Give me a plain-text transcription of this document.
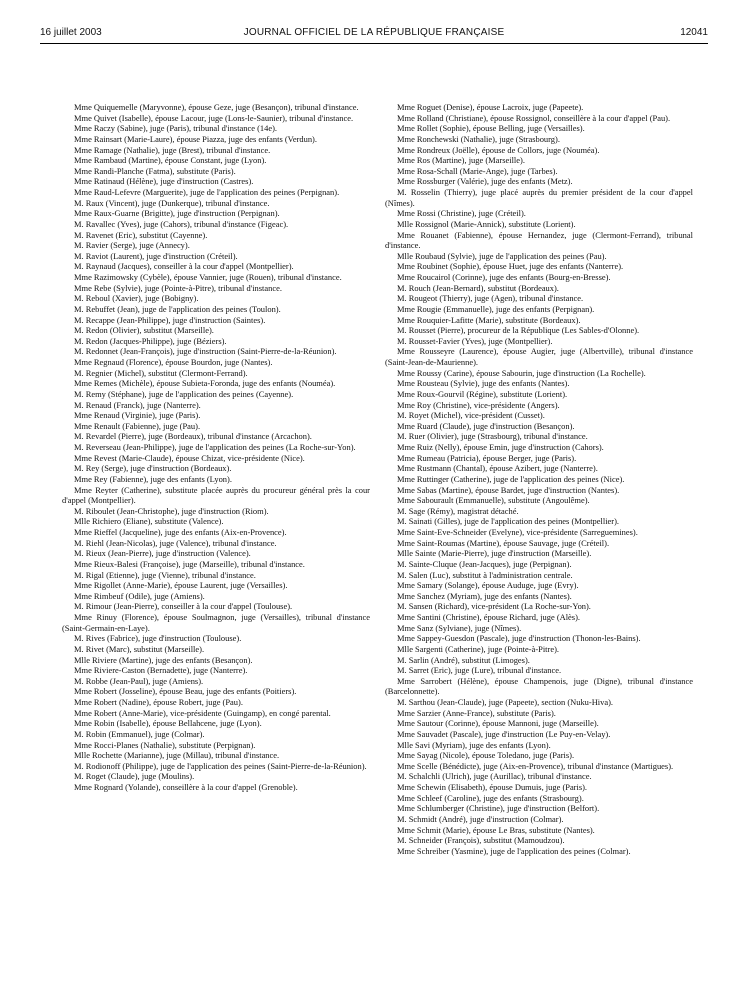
16 juillet 2003	JOURNAL OFFICIEL DE LA RÉPUBLIQUE FRANÇAISE	12041

Mme Quiquemelle (Maryvonne), épouse Geze, juge (Besançon), tribunal d'instance.

Mme Quivet (Isabelle), épouse Lacour, juge (Lons-le-Saunier), tribunal d'instance.

Mme Raczy (Sabine), juge (Paris), tribunal d'instance (14e).

Mme Rainsart (Marie-Laure), épouse Piazza, juge des enfants (Verdun).

Mme Ramage (Nathalie), juge (Brest), tribunal d'instance.

Mme Rambaud (Martine), épouse Constant, juge (Lyon).

Mme Randi-Planche (Fatma), substitute (Paris).

Mme Ratinaud (Hélène), juge d'instruction (Castres).

Mme Raud-Lefevre (Marguerite), juge de l'application des peines (Perpignan).

M. Raux (Vincent), juge (Dunkerque), tribunal d'instance.

Mme Raux-Guarne (Brigitte), juge d'instruction (Perpignan).

M. Ravallec (Yves), juge (Cahors), tribunal d'instance (Figeac).

M. Ravenet (Eric), substitut (Cayenne).

M. Ravier (Serge), juge (Annecy).

M. Raviot (Laurent), juge d'instruction (Créteil).

M. Raynaud (Jacques), conseiller à la cour d'appel (Montpellier).

Mme Razimowsky (Cybèle), épouse Vannier, juge (Rouen), tribunal d'instance.

Mme Rebe (Sylvie), juge (Pointe-à-Pitre), tribunal d'instance.

M. Reboul (Xavier), juge (Bobigny).

M. Rebuffet (Jean), juge de l'application des peines (Toulon).

M. Recappe (Jean-Philippe), juge d'instruction (Saintes).

M. Redon (Olivier), substitut (Marseille).

M. Redon (Jacques-Philippe), juge (Béziers).

M. Redonnet (Jean-François), juge d'instruction (Saint-Pierre-de-la-Réunion).

Mme Regnaud (Florence), épouse Bourdon, juge (Nantes).

M. Regnier (Michel), substitut (Clermont-Ferrand).

Mme Remes (Michèle), épouse Subieta-Foronda, juge des enfants (Nouméa).

M. Remy (Stéphane), juge de l'application des peines (Cayenne).

M. Renaud (Franck), juge (Nanterre).

Mme Renaud (Virginie), juge (Paris).

Mme Renault (Fabienne), juge (Pau).

M. Revardel (Pierre), juge (Bordeaux), tribunal d'instance (Arcachon).

M. Reverseau (Jean-Philippe), juge de l'application des peines (La Roche-sur-Yon).

Mme Revest (Marie-Claude), épouse Chizat, vice-présidente (Nice).

M. Rey (Serge), juge d'instruction (Bordeaux).

Mme Rey (Fabienne), juge des enfants (Lyon).

Mme Reyter (Catherine), substitute placée auprès du procureur général près la cour d'appel (Montpellier).

M. Riboulet (Jean-Christophe), juge d'instruction (Riom).

Mlle Richiero (Eliane), substitute (Valence).

Mme Rieffel (Jacqueline), juge des enfants (Aix-en-Provence).

M. Riehl (Jean-Nicolas), juge (Valence), tribunal d'instance.

M. Rieux (Jean-Pierre), juge d'instruction (Valence).

Mme Rieux-Balesi (Françoise), juge (Marseille), tribunal d'instance.

M. Rigal (Etienne), juge (Vienne), tribunal d'instance.

Mme Rigollet (Anne-Marie), épouse Laurent, juge (Versailles).

Mme Rimbeuf (Odile), juge (Amiens).

M. Rimour (Jean-Pierre), conseiller à la cour d'appel (Toulouse).

Mme Rinuy (Florence), épouse Soulmagnon, juge (Versailles), tribunal d'instance (Saint-Germain-en-Laye).

M. Rives (Fabrice), juge d'instruction (Toulouse).

M. Rivet (Marc), substitut (Marseille).

Mlle Riviere (Martine), juge des enfants (Besançon).

Mme Riviere-Caston (Bernadette), juge (Nanterre).

M. Robbe (Jean-Paul), juge (Amiens).

Mme Robert (Josseline), épouse Beau, juge des enfants (Poitiers).

Mme Robert (Nadine), épouse Robert, juge (Pau).

Mme Robert (Anne-Marie), vice-présidente (Guingamp), en congé parental.

Mme Robin (Isabelle), épouse Bellahcene, juge (Lyon).

M. Robin (Emmanuel), juge (Colmar).

Mme Rocci-Planes (Nathalie), substitute (Perpignan).

Mlle Rochette (Marianne), juge (Millau), tribunal d'instance.

M. Rodionoff (Philippe), juge de l'application des peines (Saint-Pierre-de-la-Réunion).

M. Roget (Claude), juge (Moulins).

Mme Rognard (Yolande), conseillère à la cour d'appel (Grenoble).

Mme Roguet (Denise), épouse Lacroix, juge (Papeete).

Mme Rolland (Christiane), épouse Rossignol, conseillère à la cour d'appel (Pau).

Mme Rollet (Sophie), épouse Belling, juge (Versailles).

Mme Ronchewski (Nathalie), juge (Strasbourg).

Mme Rondreux (Joëlle), épouse de Collors, juge (Nouméa).

Mme Ros (Martine), juge (Marseille).

Mme Rosa-Schall (Marie-Ange), juge (Tarbes).

Mme Rossburger (Valérie), juge des enfants (Metz).

M. Rosselin (Thierry), juge placé auprès du premier président de la cour d'appel (Nîmes).

Mme Rossi (Christine), juge (Créteil).

Mlle Rossignol (Marie-Annick), substitute (Lorient).

Mme Rouanet (Fabienne), épouse Hernandez, juge (Clermont-Ferrand), tribunal d'instance.

Mlle Roubaud (Sylvie), juge de l'application des peines (Pau).

Mme Roubinet (Sophie), épouse Huet, juge des enfants (Nanterre).

Mme Roucairol (Corinne), juge des enfants (Bourg-en-Bresse).

M. Rouch (Jean-Bernard), substitut (Bordeaux).

M. Rougeot (Thierry), juge (Agen), tribunal d'instance.

Mme Rougie (Emmanuelle), juge des enfants (Perpignan).

Mme Rouquier-Lafitte (Marie), substitute (Bordeaux).

M. Rousset (Pierre), procureur de la République (Les Sables-d'Olonne).

M. Rousset-Favier (Yves), juge (Montpellier).

Mme Rousseyre (Laurence), épouse Augier, juge (Albertville), tribunal d'instance (Saint-Jean-de-Maurienne).

Mme Roussy (Carine), épouse Sabourin, juge d'instruction (La Rochelle).

Mme Rousteau (Sylvie), juge des enfants (Nantes).

Mme Roux-Gourvil (Régine), substitute (Lorient).

Mme Roy (Christine), vice-présidente (Angers).

M. Royet (Michel), vice-président (Cusset).

Mme Ruard (Claude), juge d'instruction (Besançon).

M. Ruer (Olivier), juge (Strasbourg), tribunal d'instance.

Mme Ruiz (Nelly), épouse Emin, juge d'instruction (Cahors).

Mme Rumeau (Patricia), épouse Berger, juge (Paris).

Mme Rustmann (Chantal), épouse Azibert, juge (Nanterre).

Mme Ruttinger (Catherine), juge de l'application des peines (Nice).

Mme Sabas (Martine), épouse Bardet, juge d'instruction (Nantes).

Mme Sabourault (Emmanuelle), substitute (Angoulême).

M. Sage (Rémy), magistrat détaché.

M. Sainati (Gilles), juge de l'application des peines (Montpellier).

Mme Saint-Eve-Schneider (Evelyne), vice-présidente (Sarreguemines).

Mme Saint-Roumas (Martine), épouse Sauvage, juge (Créteil).

Mlle Sainte (Marie-Pierre), juge d'instruction (Marseille).

M. Sainte-Cluque (Jean-Jacques), juge (Perpignan).

M. Salen (Luc), substitut à l'administration centrale.

Mme Samary (Solange), épouse Auduge, juge (Evry).

Mme Sanchez (Myriam), juge des enfants (Nantes).

M. Sansen (Richard), vice-président (La Roche-sur-Yon).

Mme Santini (Christine), épouse Richard, juge (Alès).

Mme Sanz (Sylviane), juge (Nîmes).

Mme Sappey-Guesdon (Pascale), juge d'instruction (Thonon-les-Bains).

Mlle Sargenti (Catherine), juge (Pointe-à-Pitre).

M. Sarlin (André), substitut (Limoges).

M. Sarret (Eric), juge (Lure), tribunal d'instance.

Mme Sarrobert (Hélène), épouse Champenois, juge (Digne), tribunal d'instance (Barcelonnette).

M. Sarthou (Jean-Claude), juge (Papeete), section (Nuku-Hiva).

Mme Sarzier (Anne-France), substitute (Paris).

Mme Sautour (Corinne), épouse Mannoni, juge (Marseille).

Mme Sauvadet (Pascale), juge d'instruction (Le Puy-en-Velay).

Mlle Savi (Myriam), juge des enfants (Lyon).

Mme Sayag (Nicole), épouse Toledano, juge (Paris).

Mme Scelle (Bénédicte), juge (Aix-en-Provence), tribunal d'instance (Martigues).

M. Schalchli (Ulrich), juge (Aurillac), tribunal d'instance.

Mme Schewin (Elisabeth), épouse Dumuis, juge (Paris).

Mme Schleef (Caroline), juge des enfants (Strasbourg).

Mme Schlumberger (Christine), juge d'instruction (Belfort).

M. Schmidt (André), juge d'instruction (Colmar).

Mme Schmit (Marie), épouse Le Bras, substitute (Nantes).

M. Schneider (François), substitut (Mamoudzou).

Mme Schreiber (Yasmine), juge de l'application des peines (Colmar).
